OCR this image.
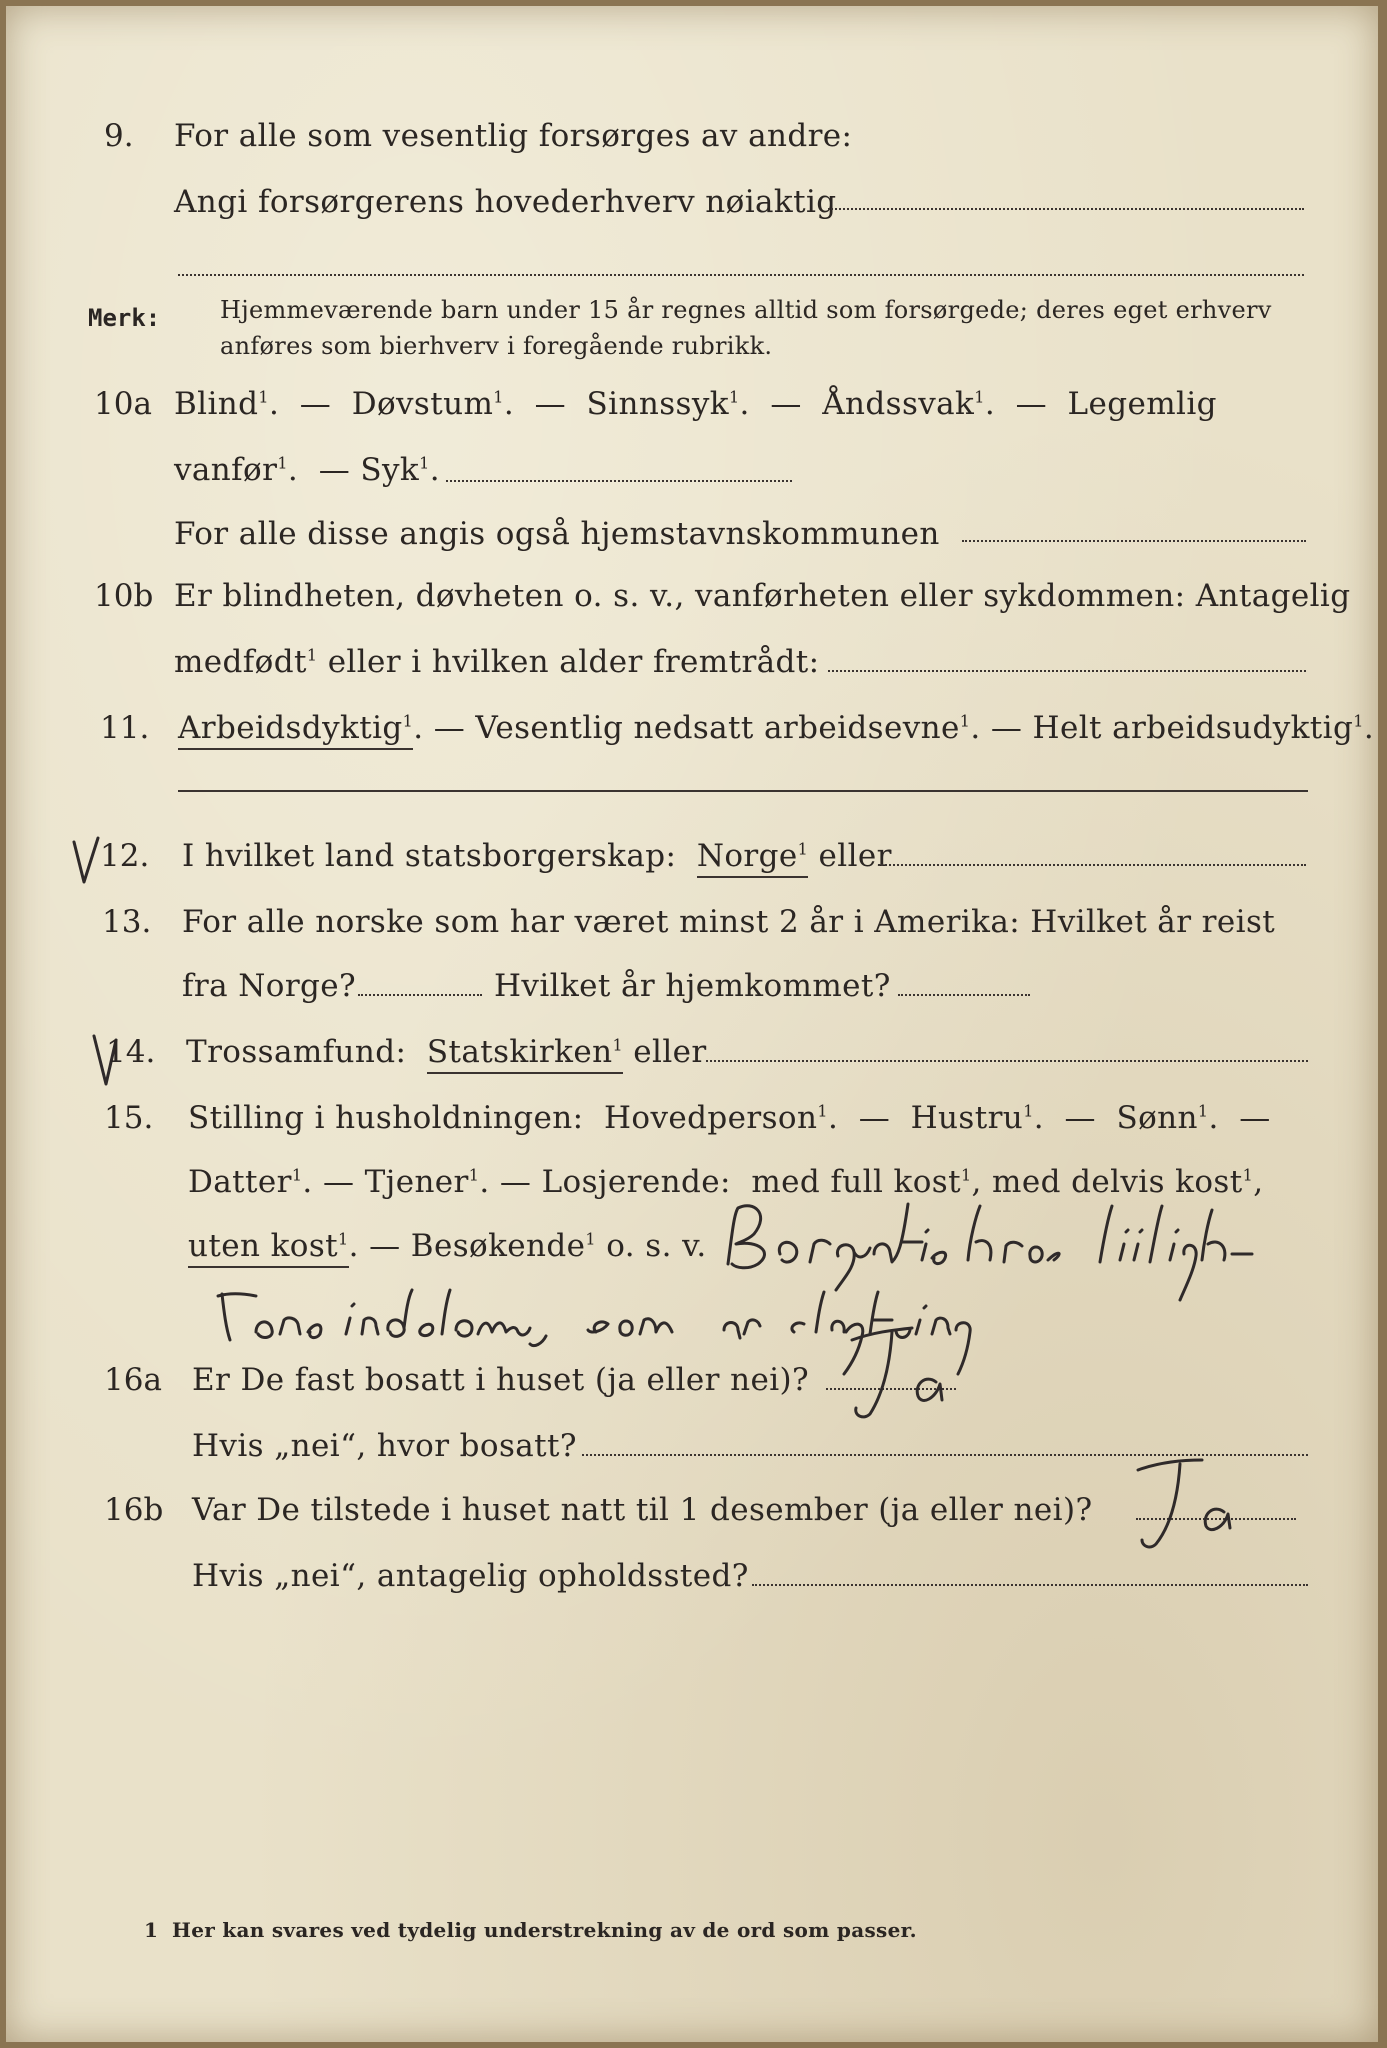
9. For alle som vesentlig forsørges av andre:
Angi forsørgerens hovederhverv nøiaktig
Merk: Hjemmeværende barn under 15 år regnes alltid som forsørgede; deres eget erhverv
anføres som bierhverv i foregående rubrikk.
10a Blind$^1$.  — Døvstum$^1$.  — Sinnssyk$^1$.  — Åndssvak$^1$.  — Legemlig
vanfør$^1$.  — Syk$^1$.
For alle disse angis også hjemstavnskommunen
10b Er blindheten, døvheten o. s. v., vanførheten eller sykdommen: Antagelig
medfødt$^1$ eller i hvilken alder fremtrådt:
11. Arbeidsdyktig$^1$. — Vesentlig nedsatt arbeidsevne$^1$. — Helt arbeidsudyktig$^1$.
12. I hvilket land statsborgerskap: Norge$^1$ eller
13. For alle norske som har været minst 2 år i Amerika: Hvilket år reist
fra Norge?	Hvilket år hjemkommet?
14. Trossamfund: Statskirken$^1$ eller
15. Stilling i husholdningen: Hovedperson$^1$.  — Hustru$^1$.  — Sønn$^1$.  —
Datter$^1$. — Tjener$^1$. — Losjerende: med full kost$^1$, med delvis kost$^1$,
uten kost$^1$. — Besøkende$^1$ o. s. v.
16a Er De fast bosatt i huset (ja eller nei)?
Hvis „nei“, hvor bosatt?
16b Var De tilstede i huset natt til 1 desember (ja eller nei)?
Hvis „nei“, antagelig opholdssted?
1 Her kan svares ved tydelig understrekning av de ord som passer.
